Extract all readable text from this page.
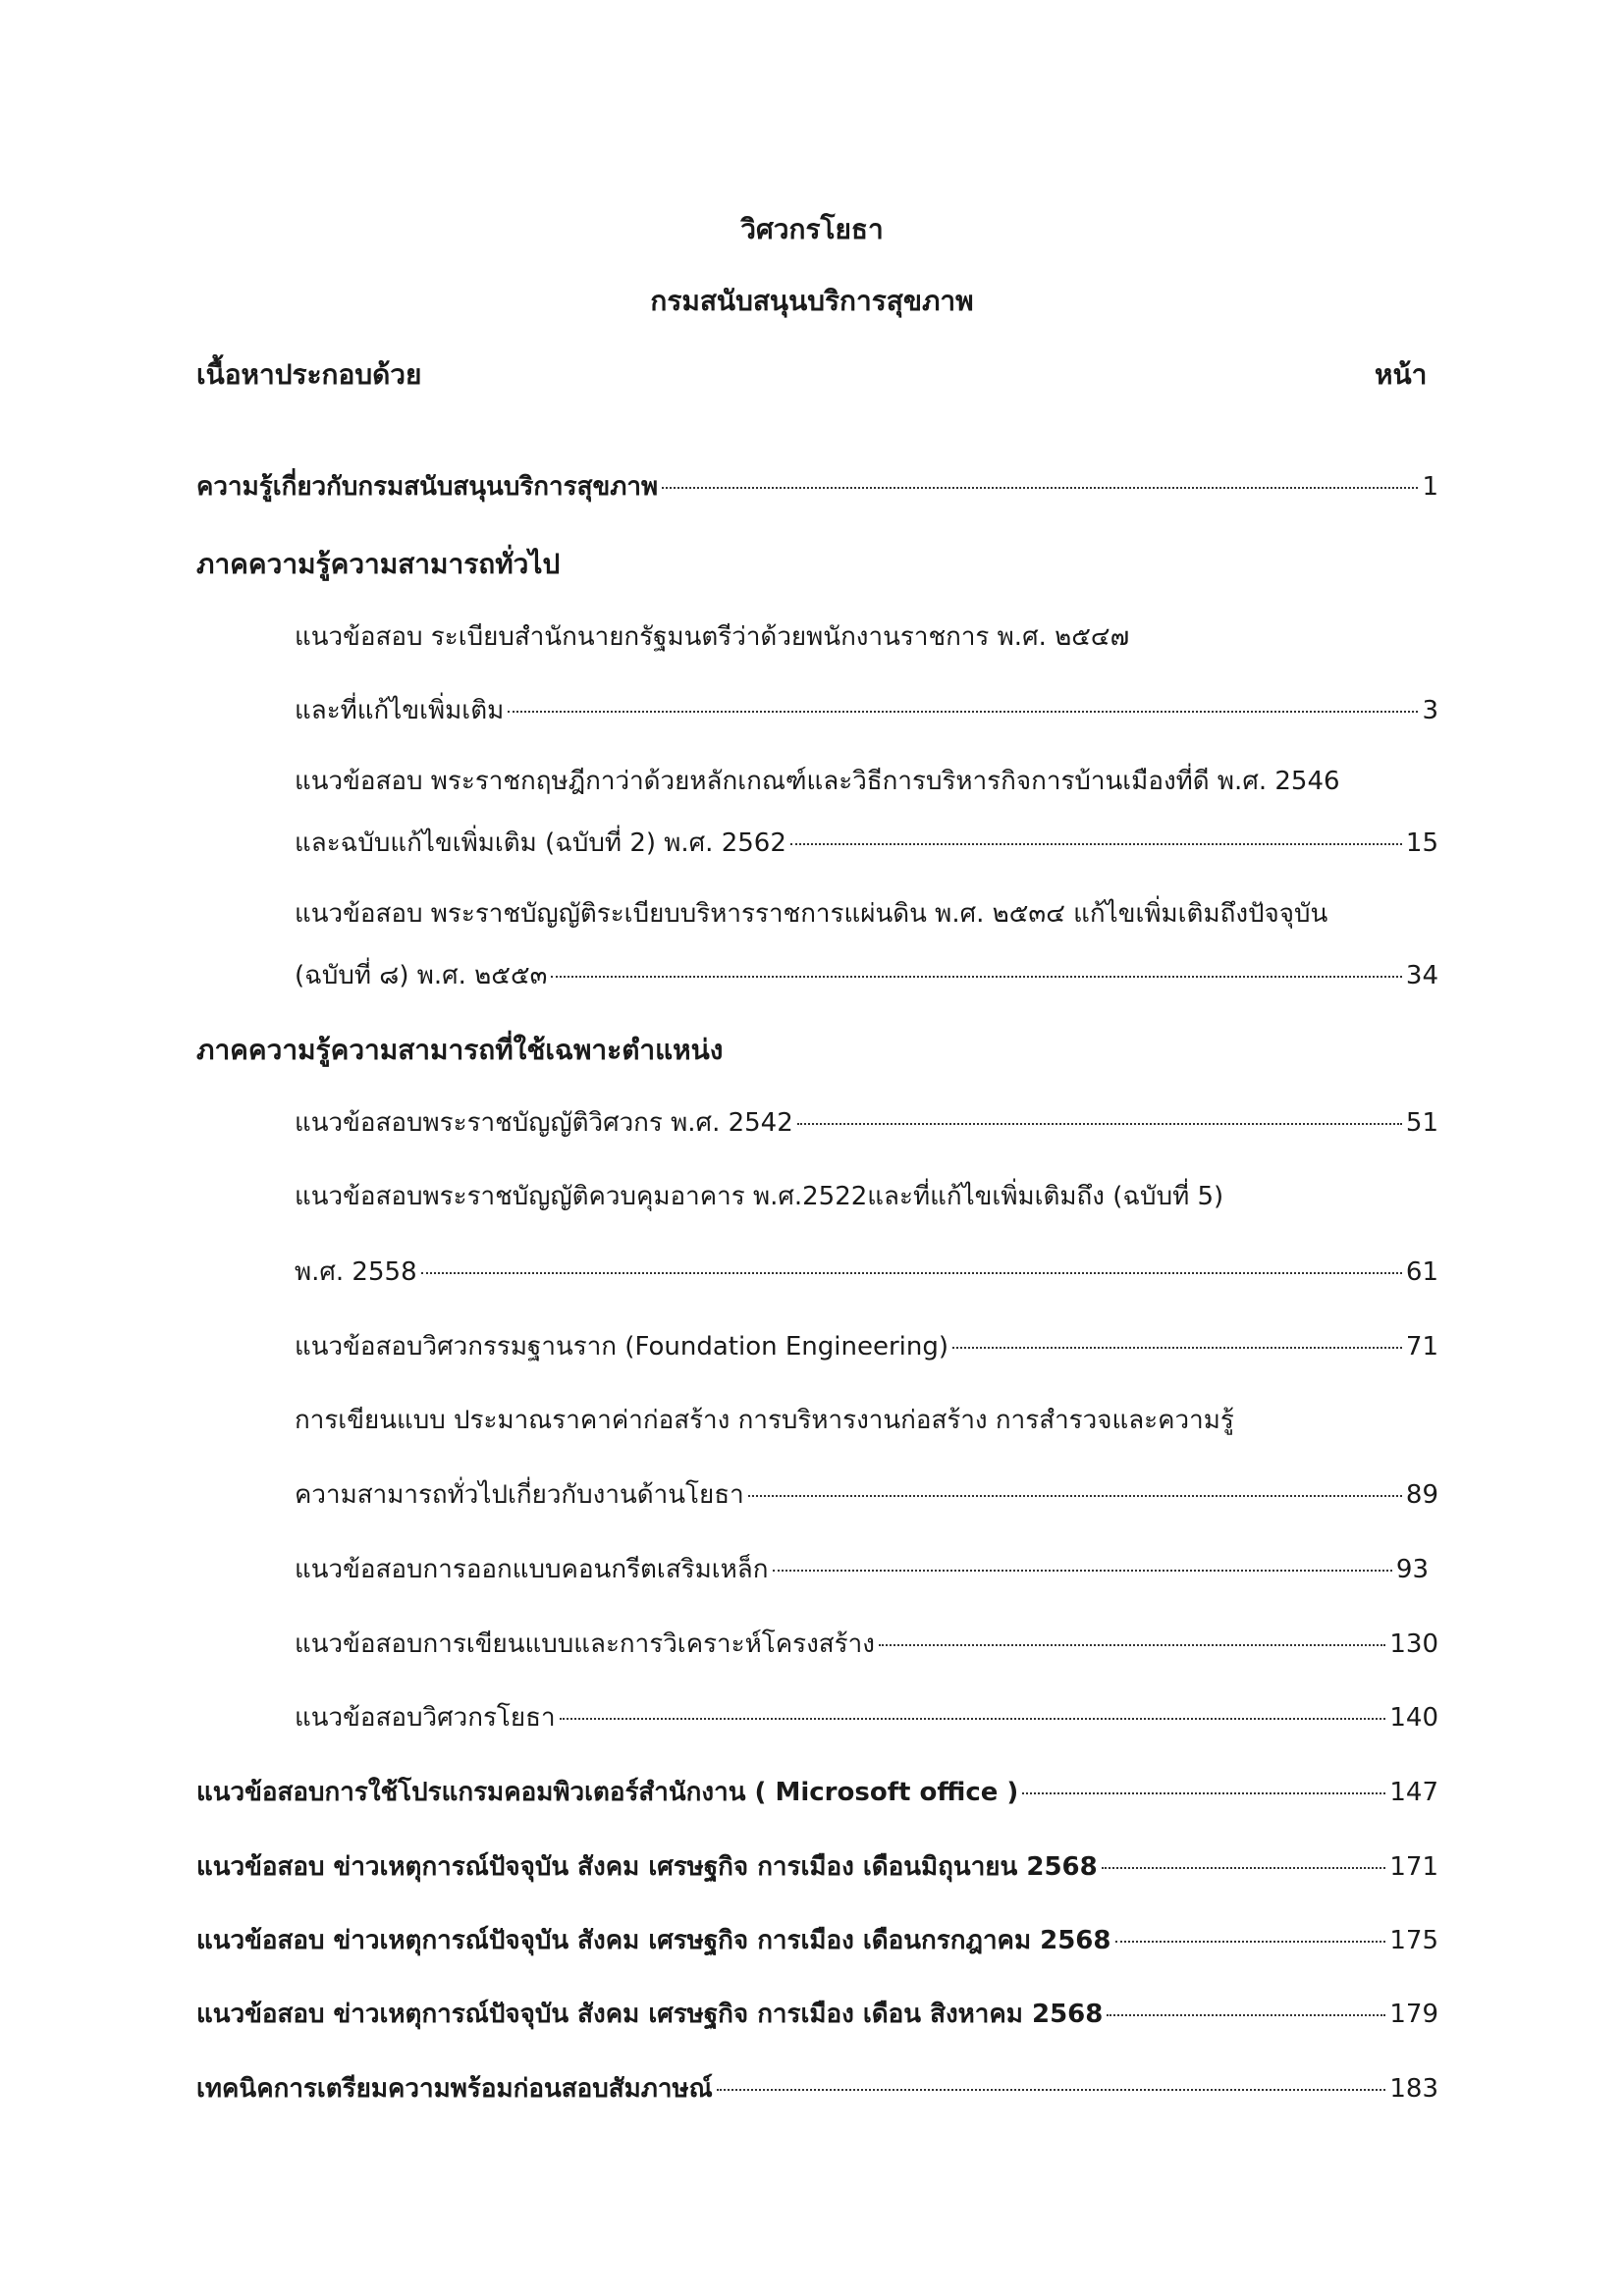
วิศวกรโยธา
กรมสนับสนุนบริการสุขภาพ
เนื้อหาประกอบด้วย	หน้า
ความรู้เกี่ยวกับกรมสนับสนุนบริการสุขภาพ	1
ภาคความรู้ความสามารถทั่วไป
แนวข้อสอบ ระเบียบสำนักนายกรัฐมนตรีว่าด้วยพนักงานราชการ พ.ศ. ๒๕๔๗
และที่แก้ไขเพิ่มเติม	3
แนวข้อสอบ พระราชกฤษฎีกาว่าด้วยหลักเกณฑ์และวิธีการบริหารกิจการบ้านเมืองที่ดี พ.ศ. 2546
และฉบับแก้ไขเพิ่มเติม (ฉบับที่ 2) พ.ศ. 2562	15
แนวข้อสอบ พระราชบัญญัติระเบียบบริหารราชการแผ่นดิน พ.ศ. ๒๕๓๔ แก้ไขเพิ่มเติมถึงปัจจุบัน
(ฉบับที่ ๘) พ.ศ. ๒๕๕๓	34
ภาคความรู้ความสามารถที่ใช้เฉพาะตำแหน่ง
แนวข้อสอบพระราชบัญญัติวิศวกร พ.ศ. 2542	51
แนวข้อสอบพระราชบัญญัติควบคุมอาคาร พ.ศ.2522และที่แก้ไขเพิ่มเติมถึง (ฉบับที่ 5)
พ.ศ. 2558	61
แนวข้อสอบวิศวกรรมฐานราก (Foundation Engineering)	71
การเขียนแบบ ประมาณราคาค่าก่อสร้าง การบริหารงานก่อสร้าง การสำรวจและความรู้
ความสามารถทั่วไปเกี่ยวกับงานด้านโยธา	89
แนวข้อสอบการออกแบบคอนกรีตเสริมเหล็ก	93
แนวข้อสอบการเขียนแบบและการวิเคราะห์โครงสร้าง	130
แนวข้อสอบวิศวกรโยธา	140
แนวข้อสอบการใช้โปรแกรมคอมพิวเตอร์สำนักงาน ( Microsoft office )	147
แนวข้อสอบ ข่าวเหตุการณ์ปัจจุบัน สังคม เศรษฐกิจ การเมือง เดือนมิถุนายน 2568	171
แนวข้อสอบ ข่าวเหตุการณ์ปัจจุบัน สังคม เศรษฐกิจ การเมือง เดือนกรกฎาคม 2568	175
แนวข้อสอบ ข่าวเหตุการณ์ปัจจุบัน สังคม เศรษฐกิจ การเมือง เดือน สิงหาคม 2568	179
เทคนิคการเตรียมความพร้อมก่อนสอบสัมภาษณ์	183
